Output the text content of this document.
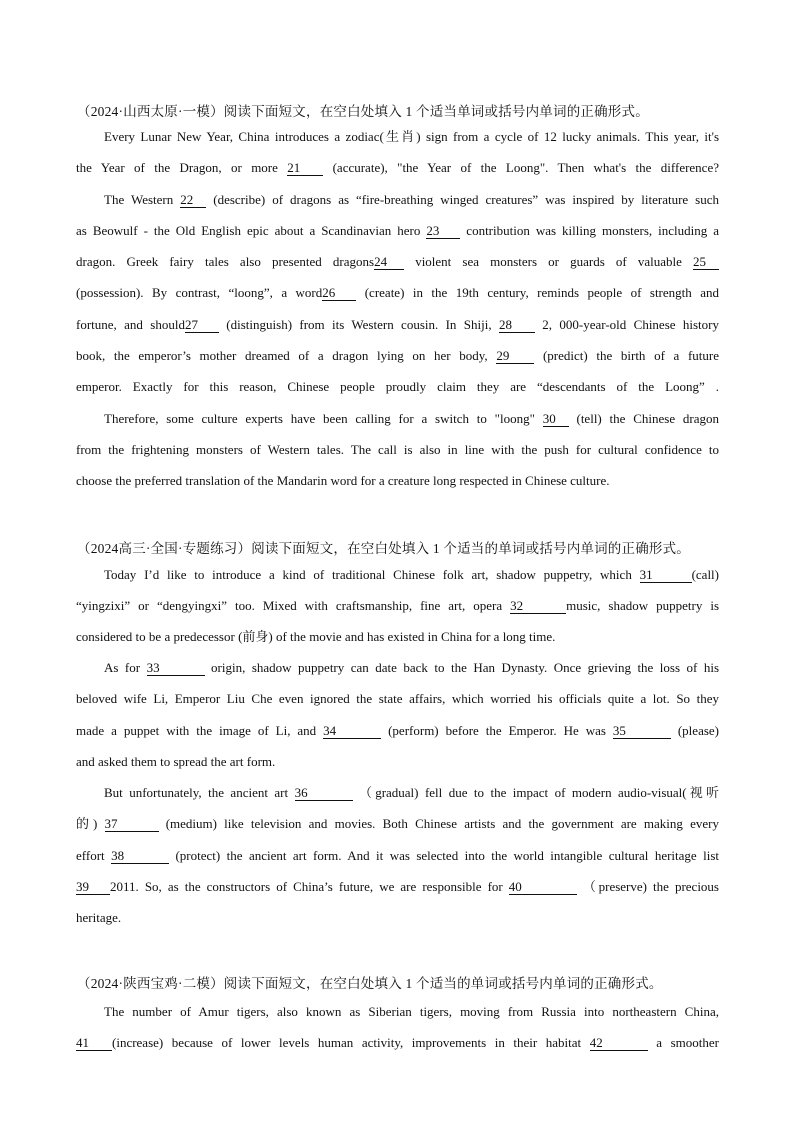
（2024·山西太原·一模）阅读下面短文，在空白处填入 1 个适当单词或括号内单词的正确形式。
Every Lunar New Year, China introduces a zodiac(生肖) sign from a cycle of 12 lucky animals. This year, it's
the Year of the Dragon, or more 21 (accurate), "the Year of the Loong". Then what's the difference?
The Western 22 (describe) of dragons as “fire-breathing winged creatures” was inspired by literature such
as Beowulf - the Old English epic about a Scandinavian hero 23 contribution was killing monsters, including a
dragon. Greek fairy tales also presented dragons24 violent sea monsters or guards of valuable 25
(possession). By contrast, “loong”, a word26 (create) in the 19th century, reminds people of strength and
fortune, and should27 (distinguish) from its Western cousin. In Shiji, 28 2, 000-year-old Chinese history
book, the emperor’s mother dreamed of a dragon lying on her body, 29 (predict) the birth of a future
emperor. Exactly for this reason, Chinese people proudly claim they are “descendants of the Loong” .
Therefore, some culture experts have been calling for a switch to "loong" 30 (tell) the Chinese dragon
from the frightening monsters of Western tales. The call is also in line with the push for cultural confidence to
choose the preferred translation of the Mandarin word for a creature long respected in Chinese culture.
（2024高三·全国·专题练习）阅读下面短文，在空白处填入 1 个适当的单词或括号内单词的正确形式。
Today I’d like to introduce a kind of traditional Chinese folk art, shadow puppetry, which 31	(call)
“yingzixi” or “dengyingxi” too. Mixed with craftsmanship, fine art, opera 32	music, shadow puppetry is
considered to be a predecessor (前身) of the movie and has existed in China for a long time.
As for 33	origin, shadow puppetry can date back to the Han Dynasty. Once grieving the loss of his
beloved wife Li, Emperor Liu Che even ignored the state affairs, which worried his officials quite a lot. So they
made a puppet with the image of Li, and 34	(perform) before the Emperor. He was 35	(please)
and asked them to spread the art form.
But unfortunately, the ancient art 36	（gradual) fell due to the impact of modern audio-visual(视听
的) 37	(medium) like television and movies. Both Chinese artists and the government are making every
effort 38	(protect) the ancient art form. And it was selected into the world intangible cultural heritage list
39 2011. So, as the constructors of China’s future, we are responsible for 40	（preserve) the precious
heritage.
（2024·陕西宝鸡·二模）阅读下面短文，在空白处填入 1 个适当的单词或括号内单词的正确形式。
The number of Amur tigers, also known as Siberian tigers, moving from Russia into northeastern China,
41 (increase) because of lower levels human activity, improvements in their habitat 42	a smoother
